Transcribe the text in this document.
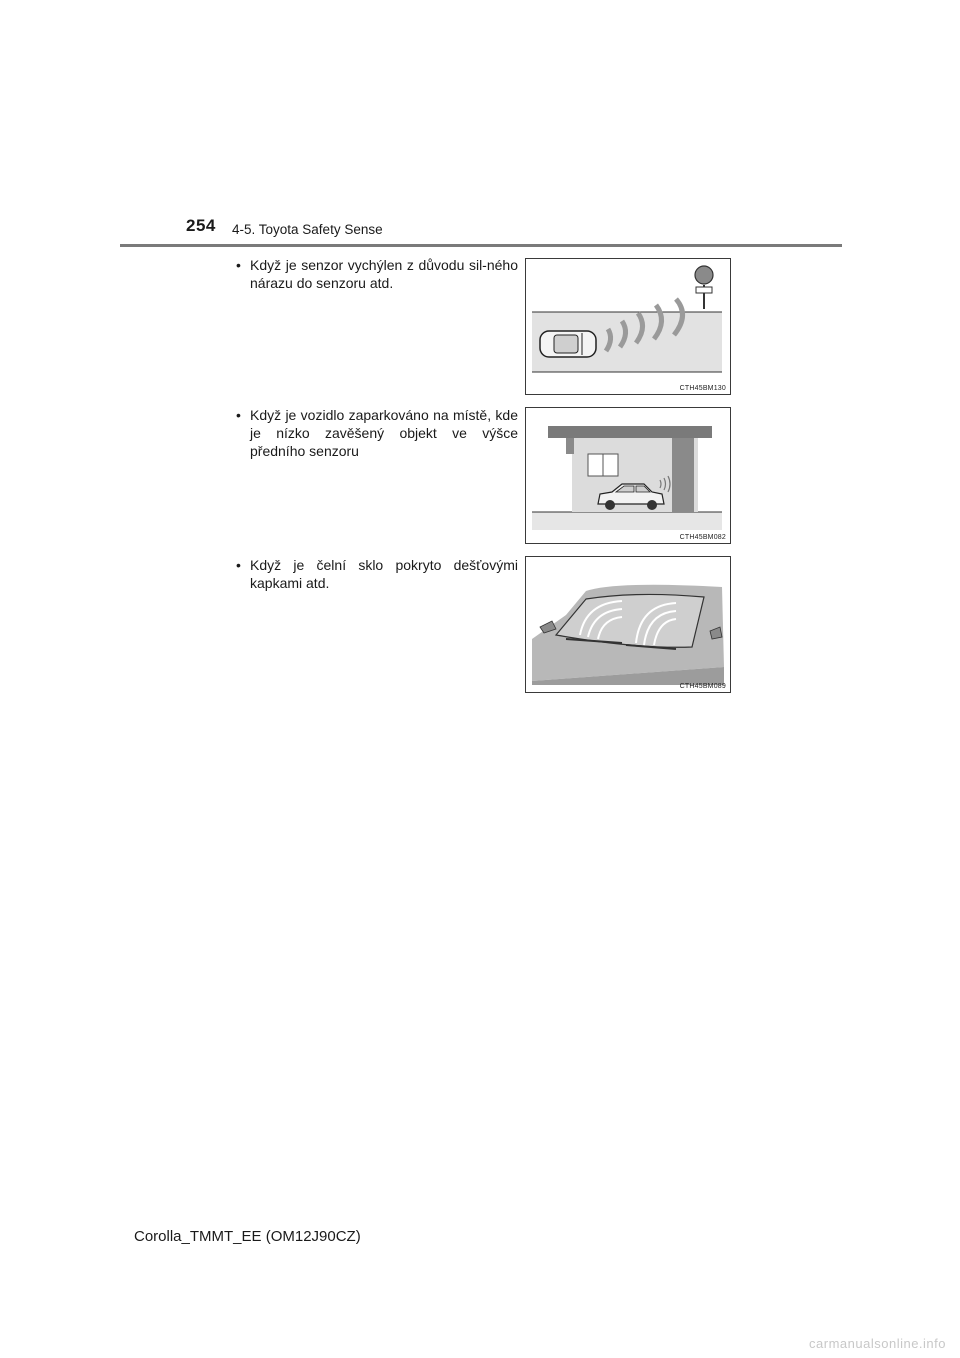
254 4-5. Toyota Safety Sense
• Když je senzor vychýlen z důvodu sil-ného nárazu do senzoru atd.
CTH45BM130
• Když je vozidlo zaparkováno na místě, kde je nízko zavěšený objekt ve výšce předního senzoru
CTH45BM082
• Když je čelní sklo pokryto dešťovými kapkami atd.
CTH45BM089
Corolla_TMMT_EE (OM12J90CZ)
carmanualsonline.info
